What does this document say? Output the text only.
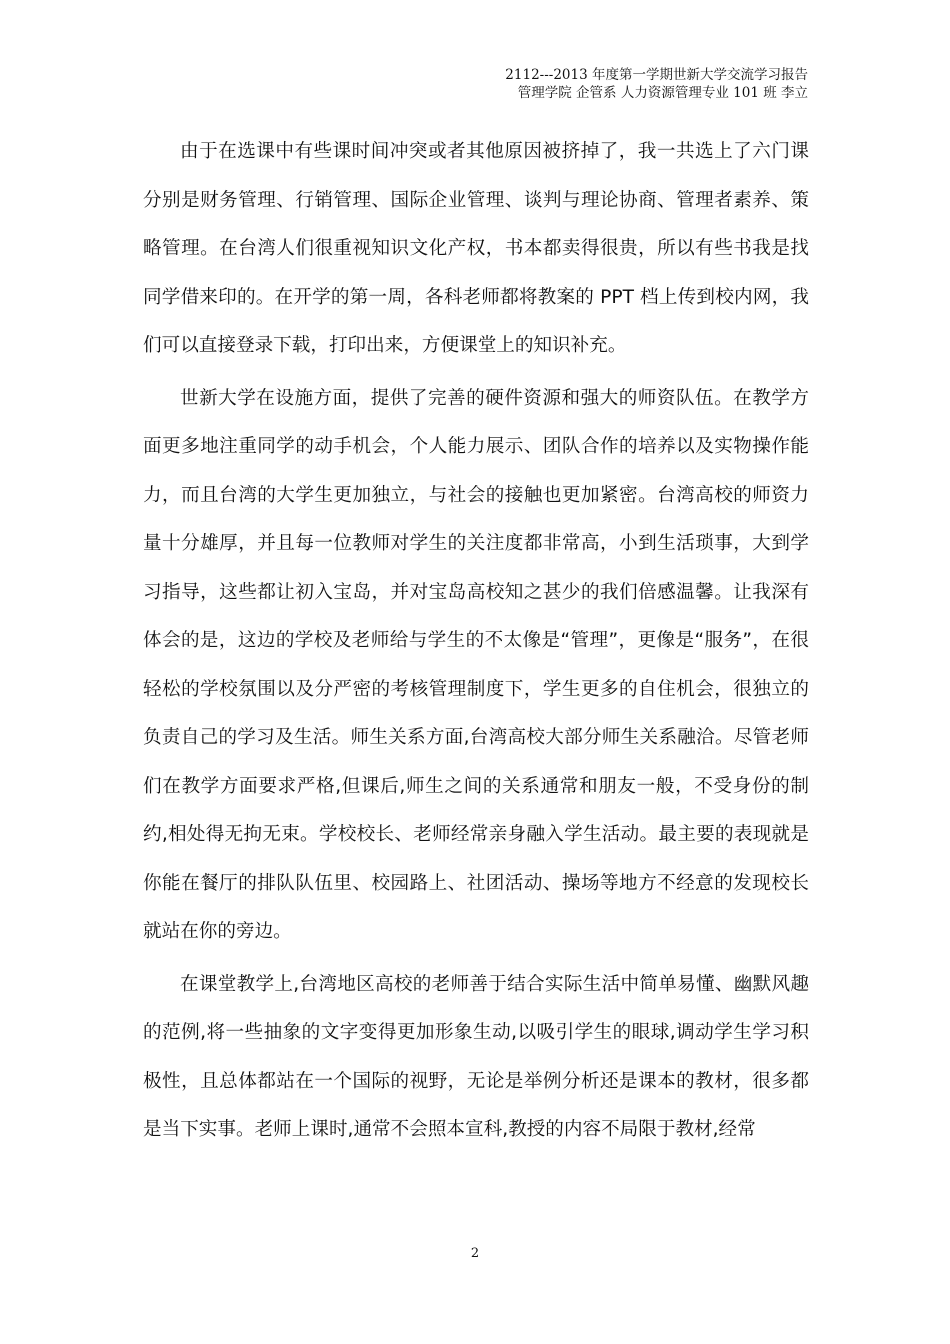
2112---2013 年度第一学期世新大学交流学习报告
管理学院 企管系 人力资源管理专业 101 班 李立

由于在选课中有些课时间冲突或者其他原因被挤掉了，我一共选上了六门课分别是财务管理、行销管理、国际企业管理、谈判与理论协商、管理者素养、策略管理。在台湾人们很重视知识文化产权，书本都卖得很贵，所以有些书我是找同学借来印的。在开学的第一周，各科老师都将教案的 PPT 档上传到校内网，我们可以直接登录下载，打印出来，方便课堂上的知识补充。

世新大学在设施方面，提供了完善的硬件资源和强大的师资队伍。在教学方面更多地注重同学的动手机会，个人能力展示、团队合作的培养以及实物操作能力，而且台湾的大学生更加独立，与社会的接触也更加紧密。台湾高校的师资力量十分雄厚，并且每一位教师对学生的关注度都非常高，小到生活琐事，大到学习指导，这些都让初入宝岛，并对宝岛高校知之甚少的我们倍感温馨。让我深有体会的是，这边的学校及老师给与学生的不太像是“管理”，更像是“服务”，在很轻松的学校氛围以及分严密的考核管理制度下，学生更多的自住机会，很独立的负责自己的学习及生活。师生关系方面,台湾高校大部分师生关系融洽。尽管老师们在教学方面要求严格,但课后,师生之间的关系通常和朋友一般，不受身份的制约,相处得无拘无束。学校校长、老师经常亲身融入学生活动。最主要的表现就是你能在餐厅的排队队伍里、校园路上、社团活动、操场等地方不经意的发现校长就站在你的旁边。

在课堂教学上,台湾地区高校的老师善于结合实际生活中简单易懂、幽默风趣的范例,将一些抽象的文字变得更加形象生动,以吸引学生的眼球,调动学生学习积极性，且总体都站在一个国际的视野，无论是举例分析还是课本的教材，很多都是当下实事。老师上课时,通常不会照本宣科,教授的内容不局限于教材,经常

2
